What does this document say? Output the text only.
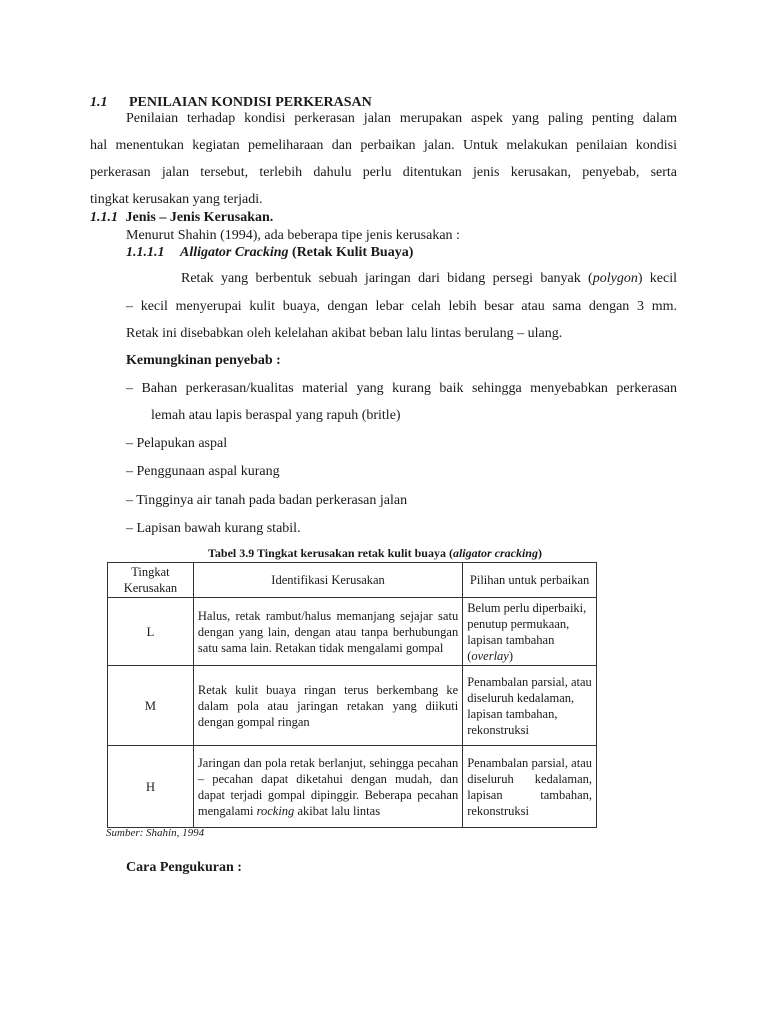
1.1 PENILAIAN KONDISI PERKERASAN
Penilaian terhadap kondisi perkerasan jalan merupakan aspek yang paling penting dalam
hal menentukan kegiatan pemeliharaan dan perbaikan jalan. Untuk melakukan penilaian kondisi
perkerasan jalan tersebut, terlebih dahulu perlu ditentukan jenis kerusakan, penyebab, serta
tingkat kerusakan yang terjadi.
1.1.1 Jenis – Jenis Kerusakan.
Menurut Shahin (1994), ada beberapa tipe jenis kerusakan :
1.1.1.1 Alligator Cracking (Retak Kulit Buaya)
Retak yang berbentuk sebuah jaringan dari bidang persegi banyak (polygon) kecil
– kecil menyerupai kulit buaya, dengan lebar celah lebih besar atau sama dengan 3 mm.
Retak ini disebabkan oleh kelelahan akibat beban lalu lintas berulang – ulang.
Kemungkinan penyebab :
– Bahan perkerasan/kualitas material yang kurang baik sehingga menyebabkan perkerasan
lemah atau lapis beraspal yang rapuh (britle)
– Pelapukan aspal
– Penggunaan aspal kurang
– Tingginya air tanah pada badan perkerasan jalan
– Lapisan bawah kurang stabil.
Tabel 3.9 Tingkat kerusakan retak kulit buaya (aligator cracking)
Tingkat Kerusakan	Identifikasi Kerusakan	Pilihan untuk perbaikan
L	Halus, retak rambut/halus memanjang sejajar satu dengan yang lain, dengan atau tanpa berhubungan satu sama lain. Retakan tidak mengalami gompal	Belum perlu diperbaiki, penutup permukaan, lapisan tambahan (overlay)
M	Retak kulit buaya ringan terus berkembang ke dalam pola atau jaringan retakan yang diikuti dengan gompal ringan	Penambalan parsial, atau diseluruh kedalaman, lapisan tambahan, rekonstruksi
H	Jaringan dan pola retak berlanjut, sehingga pecahan – pecahan dapat diketahui dengan mudah, dan dapat terjadi gompal dipinggir. Beberapa pecahan mengalami rocking akibat lalu lintas	Penambalan parsial, atau diseluruh kedalaman, lapisan tambahan, rekonstruksi
Sumber: Shahin, 1994
Cara Pengukuran :
